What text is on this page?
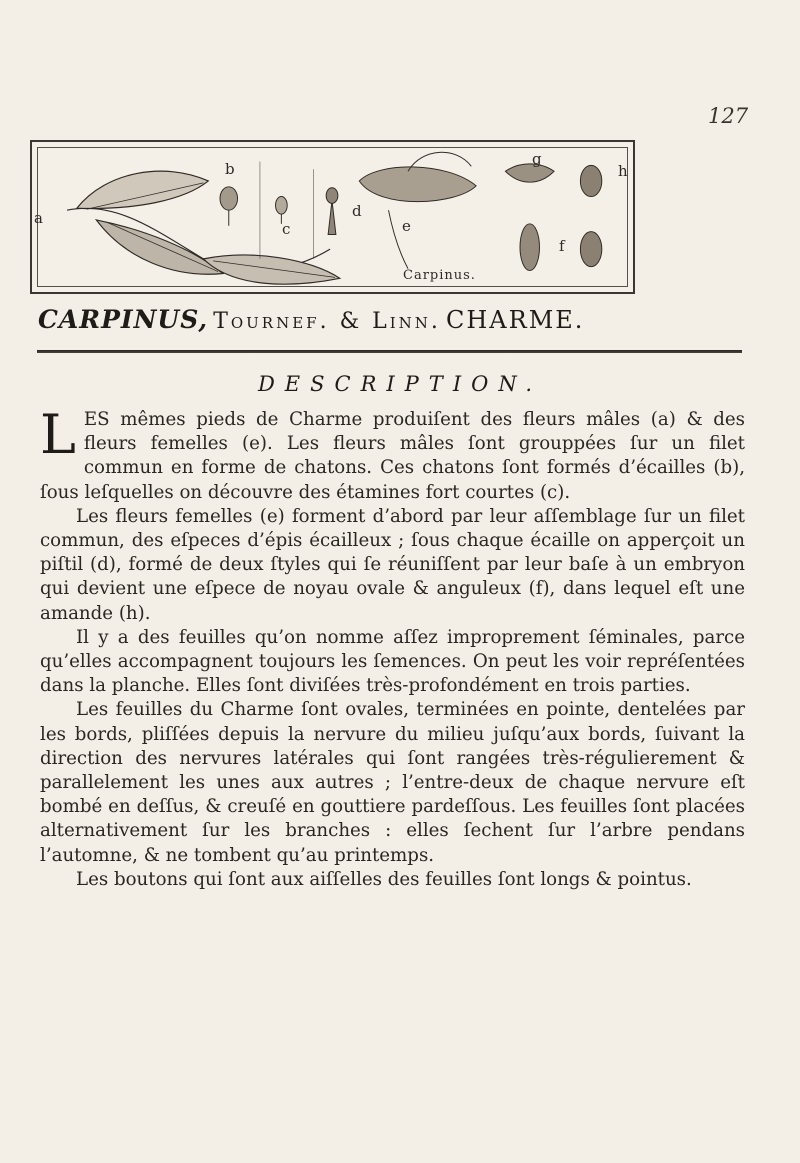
127
a
b
c
d
e
f
g
h
Carpinus.
CARPINUS, Tournef. & Linn. CHARME.
DESCRIPTION.

LES mêmes pieds de Charme produiſent des fleurs mâles (a) & des fleurs femelles (e). Les fleurs mâles ſont grouppées ſur un filet commun en forme de chatons. Ces chatons ſont formés d’écailles (b), ſous leſquelles on découvre des étamines fort courtes (c).

Les fleurs femelles (e) forment d’abord par leur aſſemblage ſur un filet commun, des eſpeces d’épis écailleux ; ſous chaque écaille on apperçoit un piſtil (d), formé de deux ſtyles qui ſe réuniſſent par leur baſe à un embryon qui devient une eſpece de noyau ovale & anguleux (f), dans lequel eſt une amande (h).

Il y a des feuilles qu’on nomme aſſez improprement ſéminales, parce qu’elles accompagnent toujours les ſemences. On peut les voir repréſentées dans la planche. Elles ſont diviſées très-profondément en trois parties.

Les feuilles du Charme ſont ovales, terminées en pointe, dentelées par les bords, pliſſées depuis la nervure du milieu juſqu’aux bords, ſuivant la direction des nervures latérales qui ſont rangées très-régulierement & parallelement les unes aux autres ; l’entre-deux de chaque nervure eſt bombé en deſſus, & creuſé en gouttiere pardeſſous. Les feuilles ſont placées alternativement ſur les branches : elles ſechent ſur l’arbre pendans l’automne, & ne tombent qu’au printemps.

Les boutons qui ſont aux aiſſelles des feuilles ſont longs & pointus.
